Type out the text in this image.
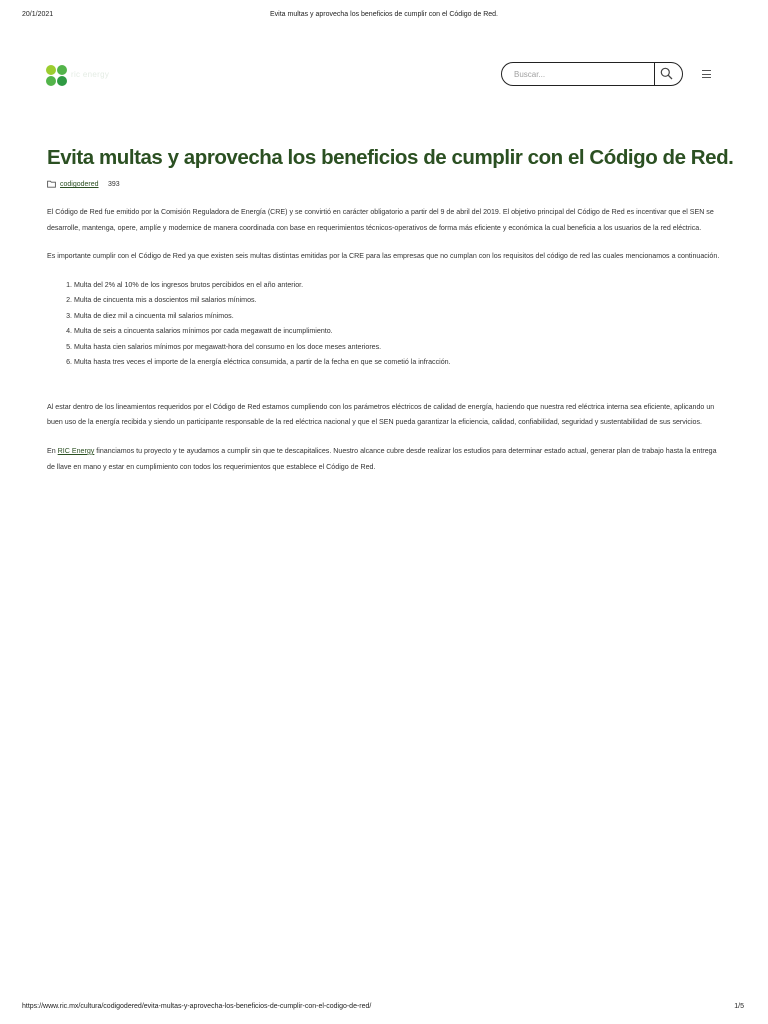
20/1/2021	Evita multas y aprovecha los beneficios de cumplir con el Código de Red.
ric energy
Buscar...
Evita multas y aprovecha los beneficios de cumplir con el Código de Red.
codigodered 393

El Código de Red fue emitido por la Comisión Reguladora de Energía (CRE) y se convirtió en carácter obligatorio a partir del 9 de abril del 2019. El objetivo principal del Código de Red es incentivar que el SEN se desarrolle, mantenga, opere, amplíe y modernice de manera coordinada con base en requerimientos técnicos-operativos de forma más eficiente y económica la cual beneficia a los usuarios de la red eléctrica.

Es importante cumplir con el Código de Red ya que existen seis multas distintas emitidas por la CRE para las empresas que no cumplan con los requisitos del código de red las cuales mencionamos a continuación.

1. Multa del 2% al 10% de los ingresos brutos percibidos en el año anterior.
2. Multa de cincuenta mis a doscientos mil salarios mínimos.
3. Multa de diez mil a cincuenta mil salarios mínimos.
4. Multa de seis a cincuenta salarios mínimos por cada megawatt de incumplimiento.
5. Multa hasta cien salarios mínimos por megawatt-hora del consumo en los doce meses anteriores.
6. Multa hasta tres veces el importe de la energía eléctrica consumida, a partir de la fecha en que se cometió la infracción.

Al estar dentro de los lineamientos requeridos por el Código de Red estamos cumpliendo con los parámetros eléctricos de calidad de energía, haciendo que nuestra red eléctrica interna sea eficiente, aplicando un buen uso de la energía recibida y siendo un participante responsable de la red eléctrica nacional y que el SEN pueda garantizar la eficiencia, calidad, confiabilidad, seguridad y sustentabilidad de sus servicios.

En RIC Energy financiamos tu proyecto y te ayudamos a cumplir sin que te descapitalices. Nuestro alcance cubre desde realizar los estudios para determinar estado actual, generar plan de trabajo hasta la entrega de llave en mano y estar en cumplimiento con todos los requerimientos que establece el Código de Red.

https://www.ric.mx/cultura/codigodered/evita-multas-y-aprovecha-los-beneficios-de-cumplir-con-el-codigo-de-red/	1/5
